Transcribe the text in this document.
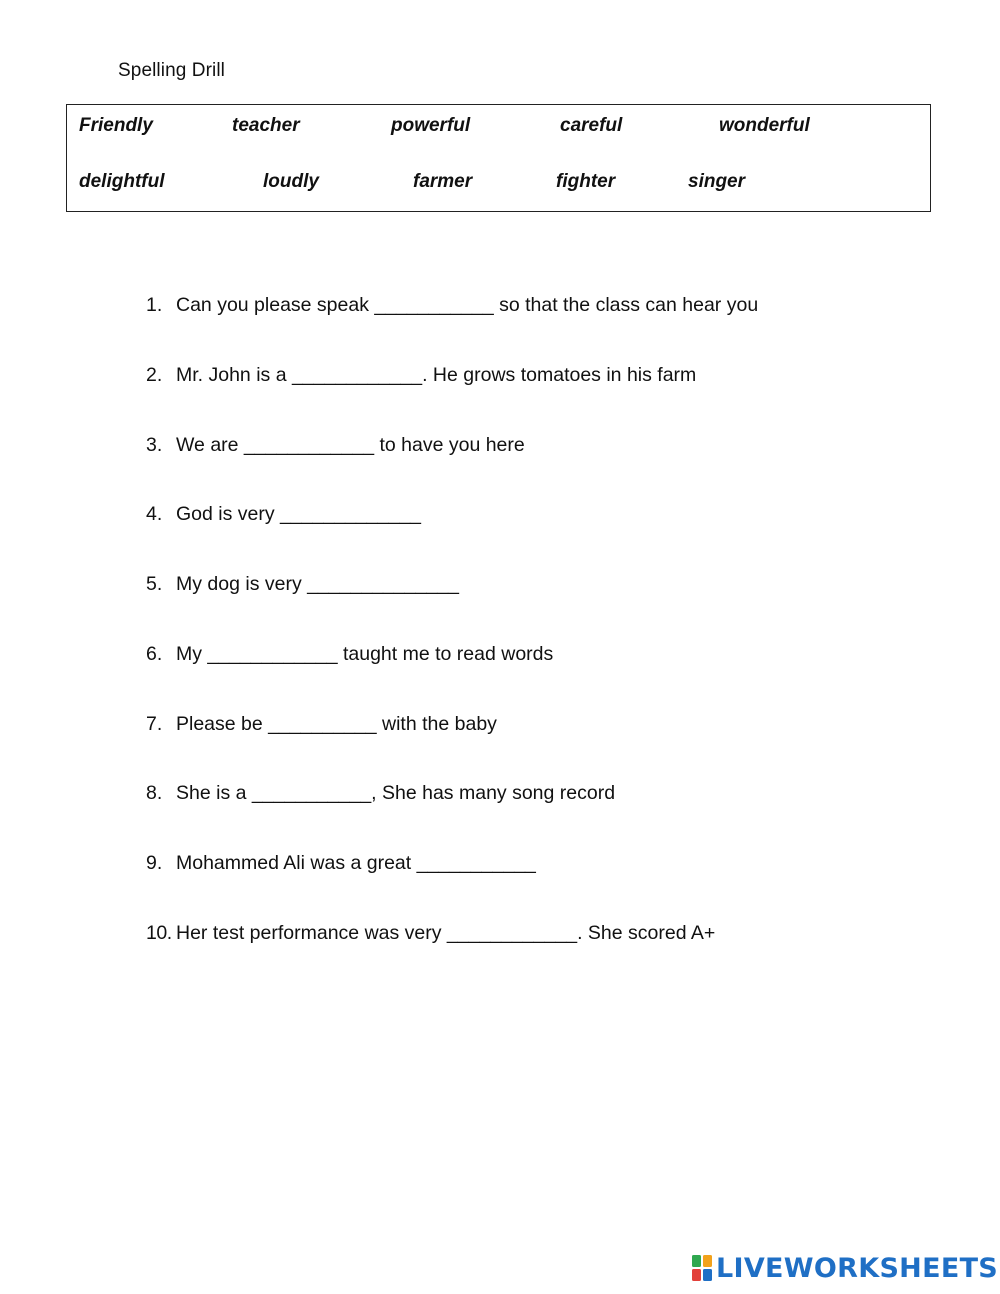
Spelling Drill
Friendly	teacher	powerful	careful	wonderful
delightful	loudly	farmer	fighter	singer
1. Can you please speak ___________ so that the class can hear you
2. Mr. John is a ____________. He grows tomatoes in his farm
3. We are ____________ to have you here
4. God is very _____________
5. My dog is very ______________
6. My ____________ taught me to read words
7. Please be __________ with the baby
8. She is a ___________, She has many song record
9. Mohammed Ali was a great ___________
10. Her test performance was very ____________. She scored A+
LIVEWORKSHEETS
